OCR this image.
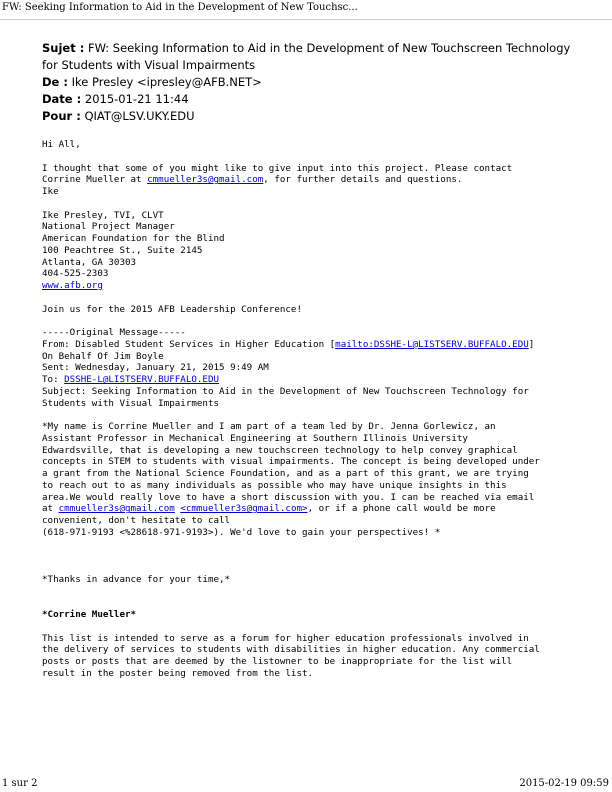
FW: Seeking Information to Aid in the Development of New Touchsc...
Sujet : FW: Seeking Information to Aid in the Development of New Touchscreen Technology for Students with Visual Impairments
De : Ike Presley <ipresley@AFB.NET>
Date : 2015-01-21 11:44
Pour : QIAT@LSV.UKY.EDU
Hi All,
I thought that some of you might like to give input into this project. Please contact
Corrine Mueller at cmmueller3s@gmail.com, for further details and questions.
Ike
Ike Presley, TVI, CLVT
National Project Manager
American Foundation for the Blind
100 Peachtree St., Suite 2145
Atlanta, GA 30303
404-525-2303
www.afb.org
Join us for the 2015 AFB Leadership Conference!
-----Original Message-----
From: Disabled Student Services in Higher Education [mailto:DSSHE-L@LISTSERV.BUFFALO.EDU]
On Behalf Of Jim Boyle
Sent: Wednesday, January 21, 2015 9:49 AM
To: DSSHE-L@LISTSERV.BUFFALO.EDU
Subject: Seeking Information to Aid in the Development of New Touchscreen Technology for
Students with Visual Impairments
*My name is Corrine Mueller and I am part of a team led by Dr. Jenna Gorlewicz, an
Assistant Professor in Mechanical Engineering at Southern Illinois University
Edwardsville, that is developing a new touchscreen technology to help convey graphical
concepts in STEM to students with visual impairments. The concept is being developed under
a grant from the National Science Foundation, and as a part of this grant, we are trying
to reach out to as many individuals as possible who may have unique insights in this
area.We would really love to have a short discussion with you. I can be reached via email
at cmmueller3s@gmail.com <cmmueller3s@gmail.com>, or if a phone call would be more
convenient, don't hesitate to call
(618-971-9193 <%28618-971-9193>). We'd love to gain your perspectives! *
*Thanks in advance for your time,*
*Corrine Mueller*
This list is intended to serve as a forum for higher education professionals involved in
the delivery of services to students with disabilities in higher education. Any commercial
posts or posts that are deemed by the listowner to be inappropriate for the list will
result in the poster being removed from the list.
1 sur 2	2015-02-19 09:59
